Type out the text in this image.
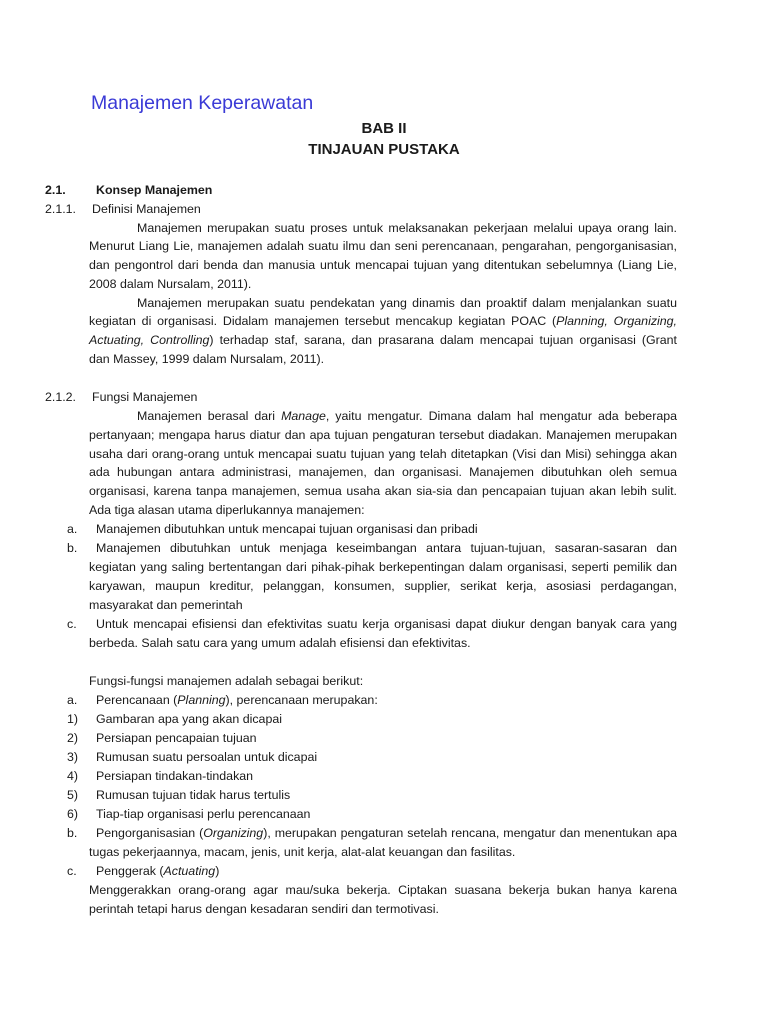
Manajemen Keperawatan
BAB II
TINJAUAN PUSTAKA
2.1. Konsep Manajemen
2.1.1. Definisi Manajemen
Manajemen merupakan suatu proses untuk melaksanakan pekerjaan melalui upaya orang lain.
Menurut Liang Lie, manajemen adalah suatu ilmu dan seni perencanaan, pengarahan, pengorganisasian,
dan pengontrol dari benda dan manusia untuk mencapai tujuan yang ditentukan sebelumnya (Liang Lie,
2008 dalam Nursalam, 2011).
Manajemen merupakan suatu pendekatan yang dinamis dan proaktif dalam menjalankan suatu
kegiatan di organisasi. Didalam manajemen tersebut mencakup kegiatan POAC (Planning, Organizing,
Actuating, Controlling) terhadap staf, sarana, dan prasarana dalam mencapai tujuan organisasi (Grant
dan Massey, 1999 dalam Nursalam, 2011).
2.1.2. Fungsi Manajemen
Manajemen berasal dari Manage, yaitu mengatur. Dimana dalam hal mengatur ada beberapa
pertanyaan; mengapa harus diatur dan apa tujuan pengaturan tersebut diadakan. Manajemen merupakan
usaha dari orang-orang untuk mencapai suatu tujuan yang telah ditetapkan (Visi dan Misi) sehingga akan
ada hubungan antara administrasi, manajemen, dan organisasi. Manajemen dibutuhkan oleh semua
organisasi, karena tanpa manajemen, semua usaha akan sia-sia dan pencapaian tujuan akan lebih sulit.
Ada tiga alasan utama diperlukannya manajemen:
a. Manajemen dibutuhkan untuk mencapai tujuan organisasi dan pribadi
b. Manajemen dibutuhkan untuk menjaga keseimbangan antara tujuan-tujuan, sasaran-sasaran dan
kegiatan yang saling bertentangan dari pihak-pihak berkepentingan dalam organisasi, seperti pemilik dan
karyawan, maupun kreditur, pelanggan, konsumen, supplier, serikat kerja, asosiasi perdagangan,
masyarakat dan pemerintah
c. Untuk mencapai efisiensi dan efektivitas suatu kerja organisasi dapat diukur dengan banyak cara yang
berbeda. Salah satu cara yang umum adalah efisiensi dan efektivitas.
Fungsi-fungsi manajemen adalah sebagai berikut:
a. Perencanaan (Planning), perencanaan merupakan:
1) Gambaran apa yang akan dicapai
2) Persiapan pencapaian tujuan
3) Rumusan suatu persoalan untuk dicapai
4) Persiapan tindakan-tindakan
5) Rumusan tujuan tidak harus tertulis
6) Tiap-tiap organisasi perlu perencanaan
b. Pengorganisasian (Organizing), merupakan pengaturan setelah rencana, mengatur dan menentukan apa
tugas pekerjaannya, macam, jenis, unit kerja, alat-alat keuangan dan fasilitas.
c. Penggerak (Actuating)
Menggerakkan orang-orang agar mau/suka bekerja. Ciptakan suasana bekerja bukan hanya karena
perintah tetapi harus dengan kesadaran sendiri dan termotivasi.
